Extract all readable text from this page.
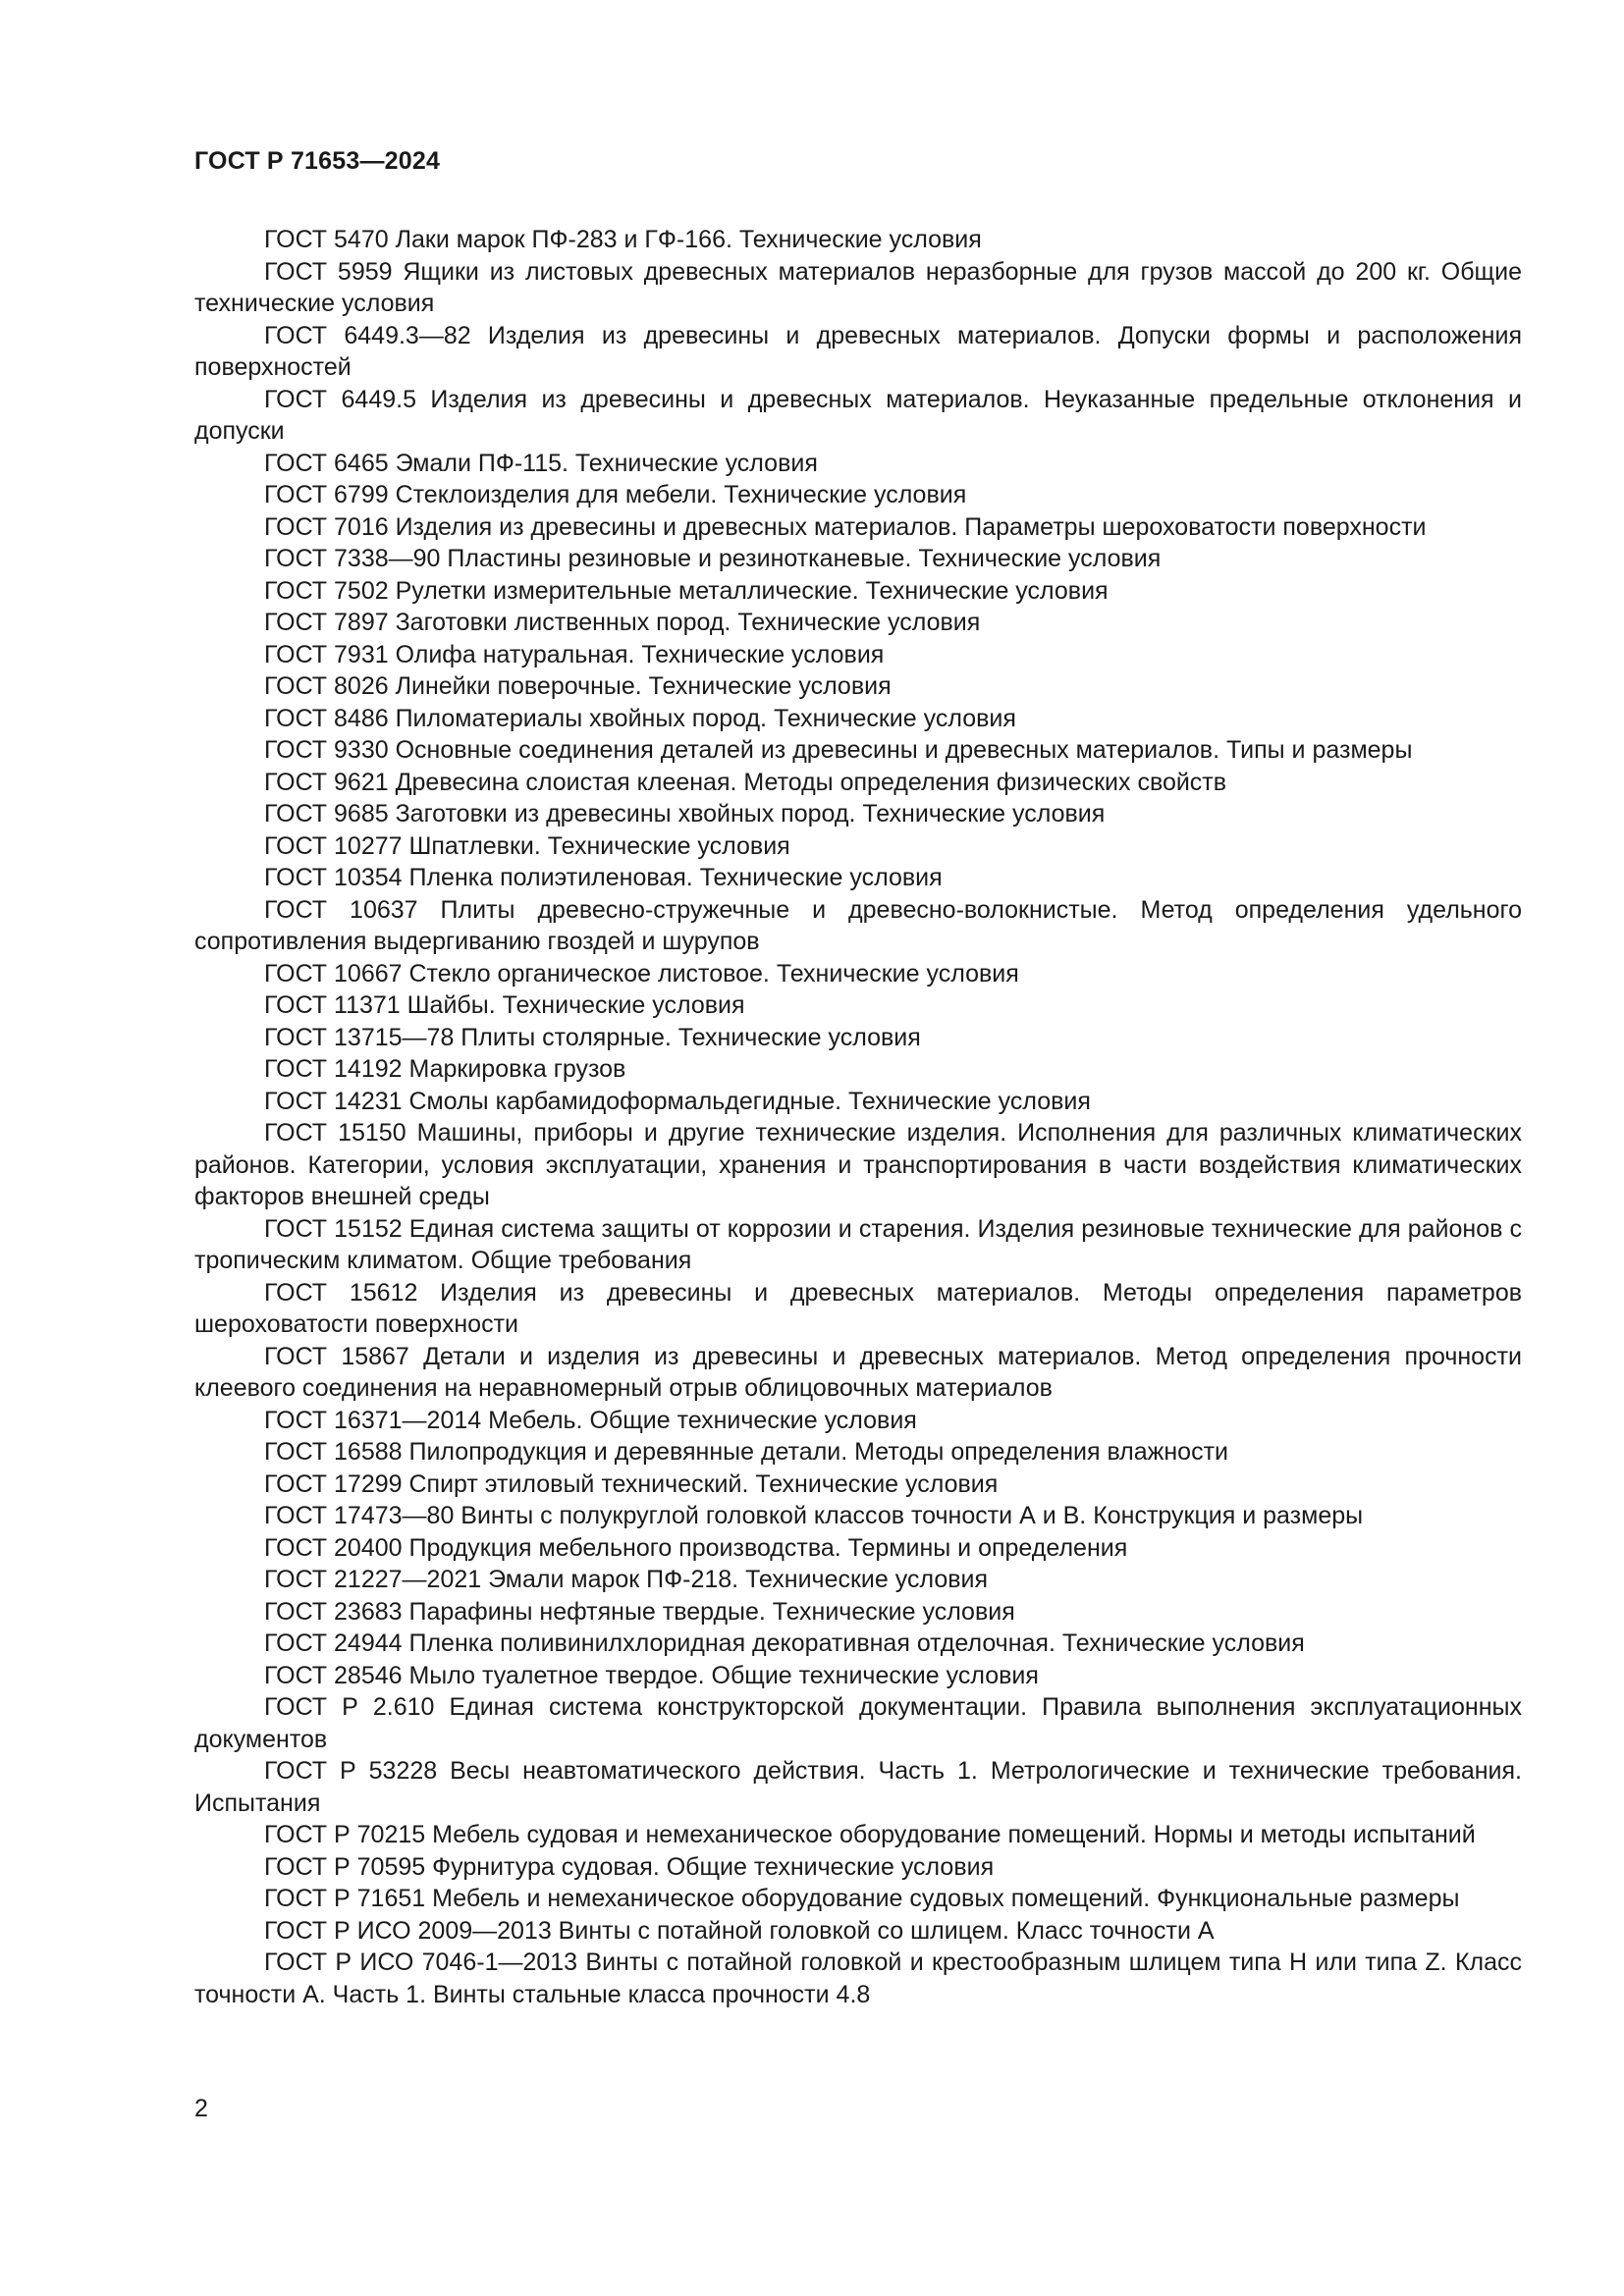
ГОСТ Р 71653—2024

ГОСТ 5470 Лаки марок ПФ-283 и ГФ-166. Технические условия

ГОСТ 5959 Ящики из листовых древесных материалов неразборные для грузов массой до 200 кг. Общие технические условия

ГОСТ 6449.3—82 Изделия из древесины и древесных материалов. Допуски формы и расположения поверхностей

ГОСТ 6449.5 Изделия из древесины и древесных материалов. Неуказанные предельные отклонения и допуски

ГОСТ 6465 Эмали ПФ-115. Технические условия

ГОСТ 6799 Стеклоизделия для мебели. Технические условия

ГОСТ 7016 Изделия из древесины и древесных материалов. Параметры шероховатости поверхности

ГОСТ 7338—90 Пластины резиновые и резинотканевые. Технические условия

ГОСТ 7502 Рулетки измерительные металлические. Технические условия

ГОСТ 7897 Заготовки лиственных пород. Технические условия

ГОСТ 7931 Олифа натуральная. Технические условия

ГОСТ 8026 Линейки поверочные. Технические условия

ГОСТ 8486 Пиломатериалы хвойных пород. Технические условия

ГОСТ 9330 Основные соединения деталей из древесины и древесных материалов. Типы и размеры

ГОСТ 9621 Древесина слоистая клееная. Методы определения физических свойств

ГОСТ 9685 Заготовки из древесины хвойных пород. Технические условия

ГОСТ 10277 Шпатлевки. Технические условия

ГОСТ 10354 Пленка полиэтиленовая. Технические условия

ГОСТ 10637 Плиты древесно-стружечные и древесно-волокнистые. Метод определения удельного сопротивления выдергиванию гвоздей и шурупов

ГОСТ 10667 Стекло органическое листовое. Технические условия

ГОСТ 11371 Шайбы. Технические условия

ГОСТ 13715—78 Плиты столярные. Технические условия

ГОСТ 14192 Маркировка грузов

ГОСТ 14231 Смолы карбамидоформальдегидные. Технические условия

ГОСТ 15150 Машины, приборы и другие технические изделия. Исполнения для различных климатических районов. Категории, условия эксплуатации, хранения и транспортирования в части воздействия климатических факторов внешней среды

ГОСТ 15152 Единая система защиты от коррозии и старения. Изделия резиновые технические для районов с тропическим климатом. Общие требования

ГОСТ 15612 Изделия из древесины и древесных материалов. Методы определения параметров шероховатости поверхности

ГОСТ 15867 Детали и изделия из древесины и древесных материалов. Метод определения прочности клеевого соединения на неравномерный отрыв облицовочных материалов

ГОСТ 16371—2014 Мебель. Общие технические условия

ГОСТ 16588 Пилопродукция и деревянные детали. Методы определения влажности

ГОСТ 17299 Спирт этиловый технический. Технические условия

ГОСТ 17473—80 Винты с полукруглой головкой классов точности А и В. Конструкция и размеры

ГОСТ 20400 Продукция мебельного производства. Термины и определения

ГОСТ 21227—2021 Эмали марок ПФ-218. Технические условия

ГОСТ 23683 Парафины нефтяные твердые. Технические условия

ГОСТ 24944 Пленка поливинилхлоридная декоративная отделочная. Технические условия

ГОСТ 28546 Мыло туалетное твердое. Общие технические условия

ГОСТ Р 2.610 Единая система конструкторской документации. Правила выполнения эксплуатационных документов

ГОСТ Р 53228 Весы неавтоматического действия. Часть 1. Метрологические и технические требования. Испытания

ГОСТ Р 70215 Мебель судовая и немеханическое оборудование помещений. Нормы и методы испытаний

ГОСТ Р 70595 Фурнитура судовая. Общие технические условия

ГОСТ Р 71651 Мебель и немеханическое оборудование судовых помещений. Функциональные размеры

ГОСТ Р ИСО 2009—2013 Винты с потайной головкой со шлицем. Класс точности А

ГОСТ Р ИСО 7046-1—2013 Винты с потайной головкой и крестообразным шлицем типа Н или типа Z. Класс точности А. Часть 1. Винты стальные класса прочности 4.8

2
